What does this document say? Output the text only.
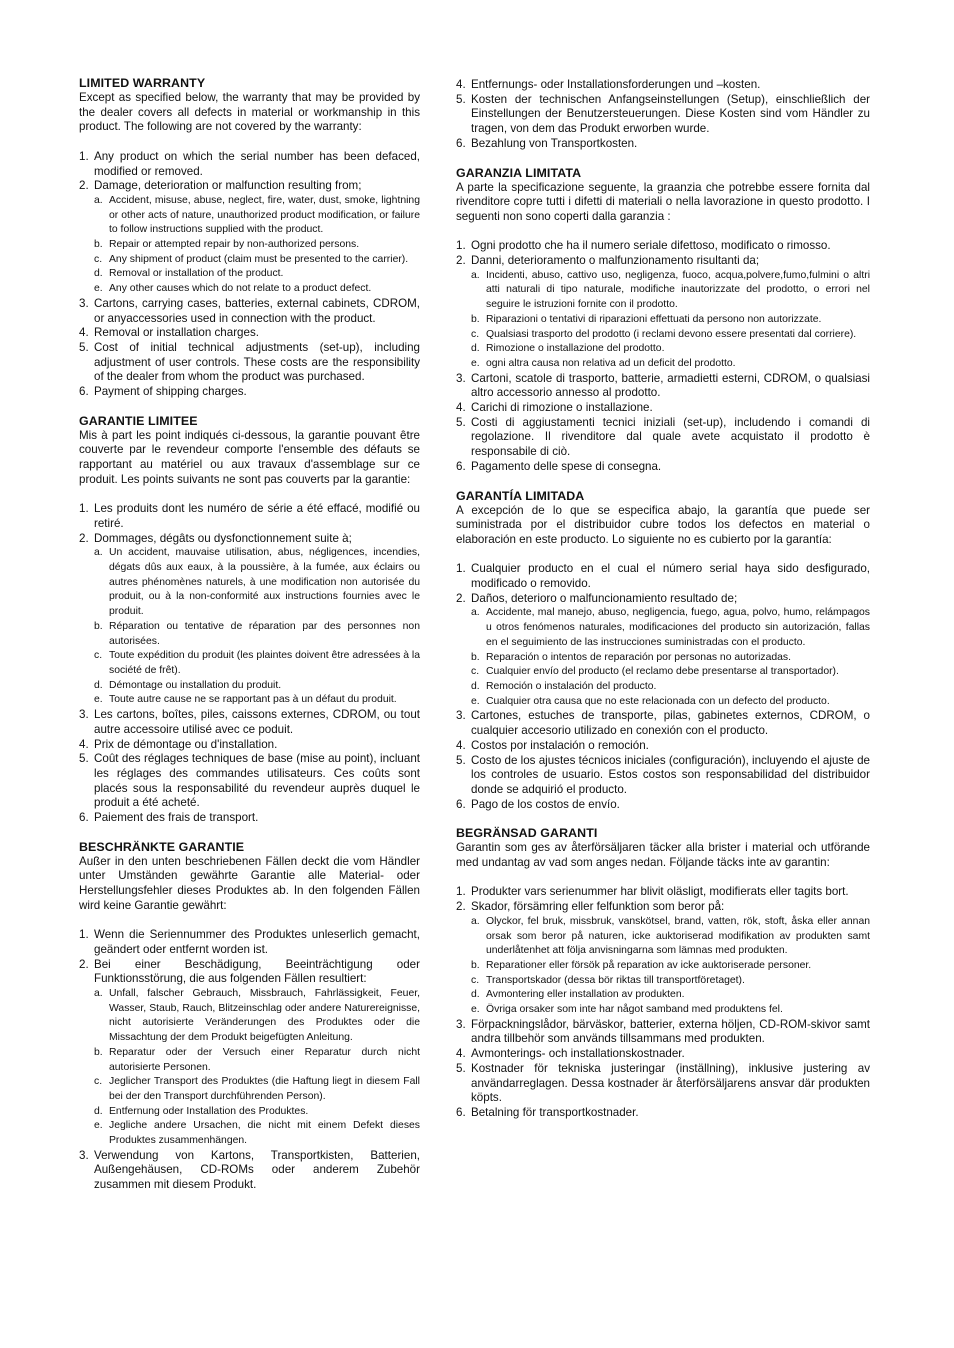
LIMITED WARRANTY

Except as specified below, the warranty that may be provided by the dealer covers all defects in material or workmanship in this product. The following are not covered by the warranty:

1. Any product on which the serial number has been defaced, modified or removed.
2. Damage, deterioration or malfunction resulting from;
a. Accident, misuse, abuse, neglect, fire, water, dust, smoke, lightning or other acts of nature, unauthorized product modification, or failure to follow instructions supplied with the product.
b. Repair or attempted repair by non-authorized persons.
c. Any shipment of product (claim must be presented to the carrier).
d. Removal or installation of the product.
e. Any other causes which do not relate to a product defect.
3. Cartons, carrying cases, batteries, external cabinets, CDROM, or anyaccessories used in connection with the product.
4. Removal or installation charges.
5. Cost of initial technical adjustments (set-up), including adjustment of user controls. These costs are the responsibility of the dealer from whom the product was purchased.
6. Payment of shipping charges.
GARANTIE LIMITEE

Mis à part les point indiqués ci-dessous, la garantie pouvant être couverte par le revendeur comporte l'ensemble des défauts se rapportant au matériel ou aux travaux d'assemblage sur ce produit. Les points suivants ne sont pas couverts par la garantie:

1. Les produits dont les numéro de série a été effacé, modifié ou retiré.
2. Dommages, dégâts ou dysfonctionnement suite à;
a. Un accident, mauvaise utilisation, abus, négligences, incendies, dégats dûs aux eaux, à la poussière, à la fumée, aux éclairs ou autres phénomènes naturels, à une modification non autorisée du produit, ou à la non-conformité aux instructions fournies avec le produit.
b. Réparation ou tentative de réparation par des personnes non autorisées.
c. Toute expédition du produit (les plaintes doivent être adressées à la société de frêt).
d. Démontage ou installation du produit.
e. Toute autre cause ne se rapportant pas à un défaut du produit.
3. Les cartons, boîtes, piles, caissons externes, CDROM, ou tout autre accessoire utilisé avec ce poduit.
4. Prix de démontage ou d'installation.
5. Coût des réglages techniques de base (mise au point), incluant les réglages des commandes utilisateurs. Ces coûts sont placés sous la responsabilité du revendeur auprès duquel le produit a été acheté.
6. Paiement des frais de transport.
BESCHRÄNKTE GARANTIE

Außer in den unten beschriebenen Fällen deckt die vom Händler unter Umständen gewährte Garantie alle Material- oder Herstellungsfehler dieses Produktes ab. In den folgenden Fällen wird keine Garantie gewährt:

1. Wenn die Seriennummer des Produktes unleserlich gemacht, geändert oder entfernt worden ist.
2. Bei einer Beschädigung, Beeinträchtigung oder Funktionsstörung, die aus folgenden Fällen resultiert:
a. Unfall, falscher Gebrauch, Missbrauch, Fahrlässigkeit, Feuer, Wasser, Staub, Rauch, Blitzeinschlag oder andere Naturereignisse, nicht autorisierte Veränderungen des Produktes oder die Missachtung der dem Produkt beigefügten Anleitung.
b. Reparatur oder der Versuch einer Reparatur durch nicht autorisierte Personen.
c. Jeglicher Transport des Produktes (die Haftung liegt in diesem Fall bei der den Transport durchführenden Person).
d. Entfernung oder Installation des Produktes.
e. Jegliche andere Ursachen, die nicht mit einem Defekt dieses Produktes zusammenhängen.
3. Verwendung von Kartons, Transportkisten, Batterien, Außengehäusen, CD-ROMs oder anderem Zubehör zusammen mit diesem Produkt.
4. Entfernungs- oder Installationsforderungen und –kosten.
5. Kosten der technischen Anfangseinstellungen (Setup), einschließlich der Einstellungen der Benutzersteuerungen. Diese Kosten sind vom Händler zu tragen, von dem das Produkt erworben wurde.
6. Bezahlung von Transportkosten.
GARANZIA LIMITATA

A parte la specificazione seguente, la graanzia che potrebbe essere fornita dal rivenditore copre tutti i difetti di materiali o nella lavorazione in questo prodotto. I seguenti non sono coperti dalla garanzia :

1. Ogni prodotto che ha il numero seriale difettoso, modificato o rimosso.
2. Danni, deterioramento o malfunzionamento risultanti da;
a. Incidenti, abuso, cattivo uso, negligenza, fuoco, acqua,polvere,fumo,fulmini o altri atti naturali di tipo naturale, modifiche inautorizzate del prodotto, o errori nel seguire le istruzioni fornite con il prodotto.
b. Riparazioni o tentativi di riparazioni effettuati da persono non autorizzate.
c. Qualsiasi trasporto del prodotto (i reclami devono essere presentati dal corriere).
d. Rimozione o installazione del prodotto.
e. ogni altra causa non relativa ad un deficit del prodotto.
3. Cartoni, scatole di trasporto, batterie, armadietti esterni, CDROM, o qualsiasi altro accessorio annesso al prodotto.
4. Carichi di rimozione o installazione.
5. Costi di aggiustamenti tecnici iniziali (set-up), includendo i comandi di regolazione. Il rivenditore dal quale avete acquistato il prodotto è responsabile di ciò.
6. Pagamento delle spese di consegna.
GARANTÍA LIMITADA

A excepción de lo que se especifica abajo, la garantía que puede ser suministrada por el distribuidor cubre todos los defectos en material o elaboración en este producto. Lo siguiente no es cubierto por la garantía:

1. Cualquier producto en el cual el número serial haya sido desfigurado, modificado o removido.
2. Daños, deterioro o malfuncionamiento resultado de;
a. Accidente, mal manejo, abuso, negligencia, fuego, agua, polvo, humo, relámpagos u otros fenómenos naturales, modificaciones del producto sin autorización, fallas en el seguimiento de las instrucciones suministradas con el producto.
b. Reparación o intentos de reparación por personas no autorizadas.
c. Cualquier envío del producto (el reclamo debe presentarse al transportador).
d. Remoción o instalación del producto.
e. Cualquier otra causa que no este relacionada con un defecto del producto.
3. Cartones, estuches de transporte, pilas, gabinetes externos, CDROM, o cualquier accesorio utilizado en conexión con el producto.
4. Costos por instalación o remoción.
5. Costo de los ajustes técnicos iniciales (configuración), incluyendo el ajuste de los controles de usuario. Estos costos son responsabilidad del distribuidor donde se adquirió el producto.
6. Pago de los costos de envío.
BEGRÄNSAD GARANTI

Garantin som ges av återförsäljaren täcker alla brister i material och utförande med undantag av vad som anges nedan. Följande täcks inte av garantin:

1. Produkter vars serienummer har blivit oläsligt, modifierats eller tagits bort.
2. Skador, försämring eller felfunktion som beror på:
a. Olyckor, fel bruk, missbruk, vanskötsel, brand, vatten, rök, stoft, åska eller annan orsak som beror på naturen, icke auktoriserad modifikation av produkten samt underlåtenhet att följa anvisningarna som lämnas med produkten.
b. Reparationer eller försök på reparation av icke auktoriserade personer.
c. Transportskador (dessa bör riktas till transportföretaget).
d. Avmontering eller installation av produkten.
e. Övriga orsaker som inte har något samband med produktens fel.
3. Förpackningslådor, bärväskor, batterier, externa höljen, CD-ROM-skivor samt andra tillbehör som används tillsammans med produkten.
4. Avmonterings- och installationskostnader.
5. Kostnader för tekniska justeringar (inställning), inklusive justering av användarreglagen. Dessa kostnader är återförsäljarens ansvar där produkten köpts.
6. Betalning för transportkostnader.
